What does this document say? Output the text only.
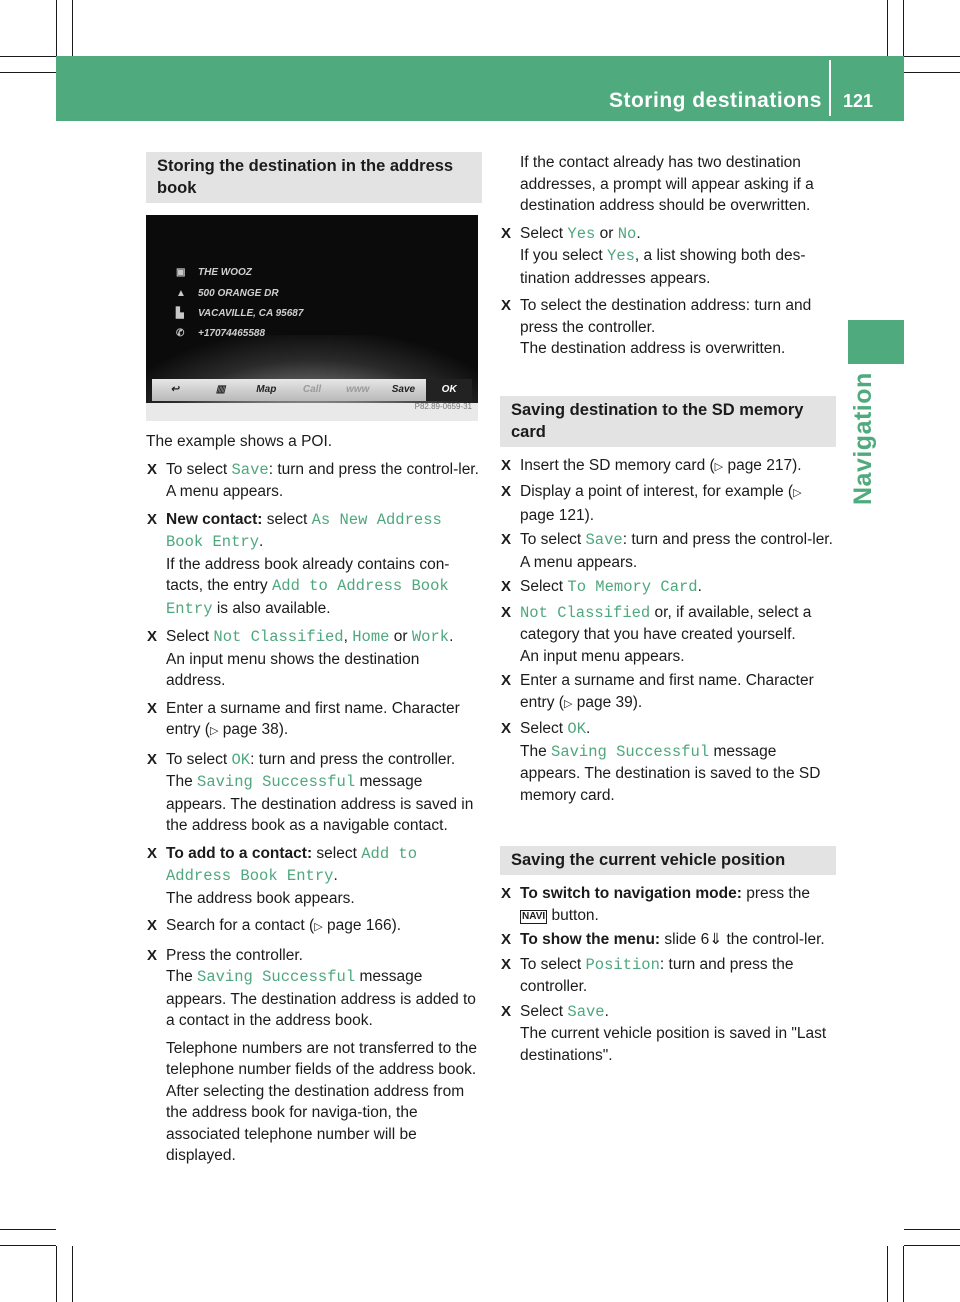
Storing destinations 121
Navigation
Storing the destination in the address book
▣ THE WOOZ
▲ 500 ORANGE DR
▙ VACAVILLE, CA 95687
✆ +17074465588
↩	▥	Map	Call	www	Save	OK
P82.89-0659-31

The example shows a POI.

X To select Save: turn and press the control-ler.

A menu appears.

X New contact: select As New Address Book Entry.

If the address book already contains con-tacts, the entry Add to Address Book Entry is also available.

X Select Not Classified, Home or Work.

An input menu shows the destination address.

X Enter a surname and first name. Character entry (▷ page 38).

X To select OK: turn and press the controller.

The Saving Successful message appears. The destination address is saved in the address book as a navigable contact.

X To add to a contact: select Add to Address Book Entry.

The address book appears.

X Search for a contact (▷ page 166).

X Press the controller.

The Saving Successful message appears. The destination address is added to a contact in the address book.

Telephone numbers are not transferred to the telephone number fields of the address book. After selecting the destination address from the address book for naviga-tion, the associated telephone number will be displayed.

If the contact already has two destination addresses, a prompt will appear asking if a destination address should be overwritten.

X Select Yes or No.

If you select Yes, a list showing both des-tination addresses appears.

X To select the destination address: turn and press the controller.

The destination address is overwritten.

Saving destination to the SD memory card
X Insert the SD memory card (▷ page 217).

X Display a point of interest, for example (▷ page 121).

X To select Save: turn and press the control-ler.

A menu appears.

X Select To Memory Card.

X Not Classified or, if available, select a category that you have created yourself.

An input menu appears.

X Enter a surname and first name. Character entry (▷ page 39).

X Select OK.

The Saving Successful message appears. The destination is saved to the SD memory card.

Saving the current vehicle position
X To switch to navigation mode: press the NAVI button.

X To show the menu: slide 6⇓ the control-ler.

X To select Position: turn and press the controller.

X Select Save.

The current vehicle position is saved in "Last destinations".
